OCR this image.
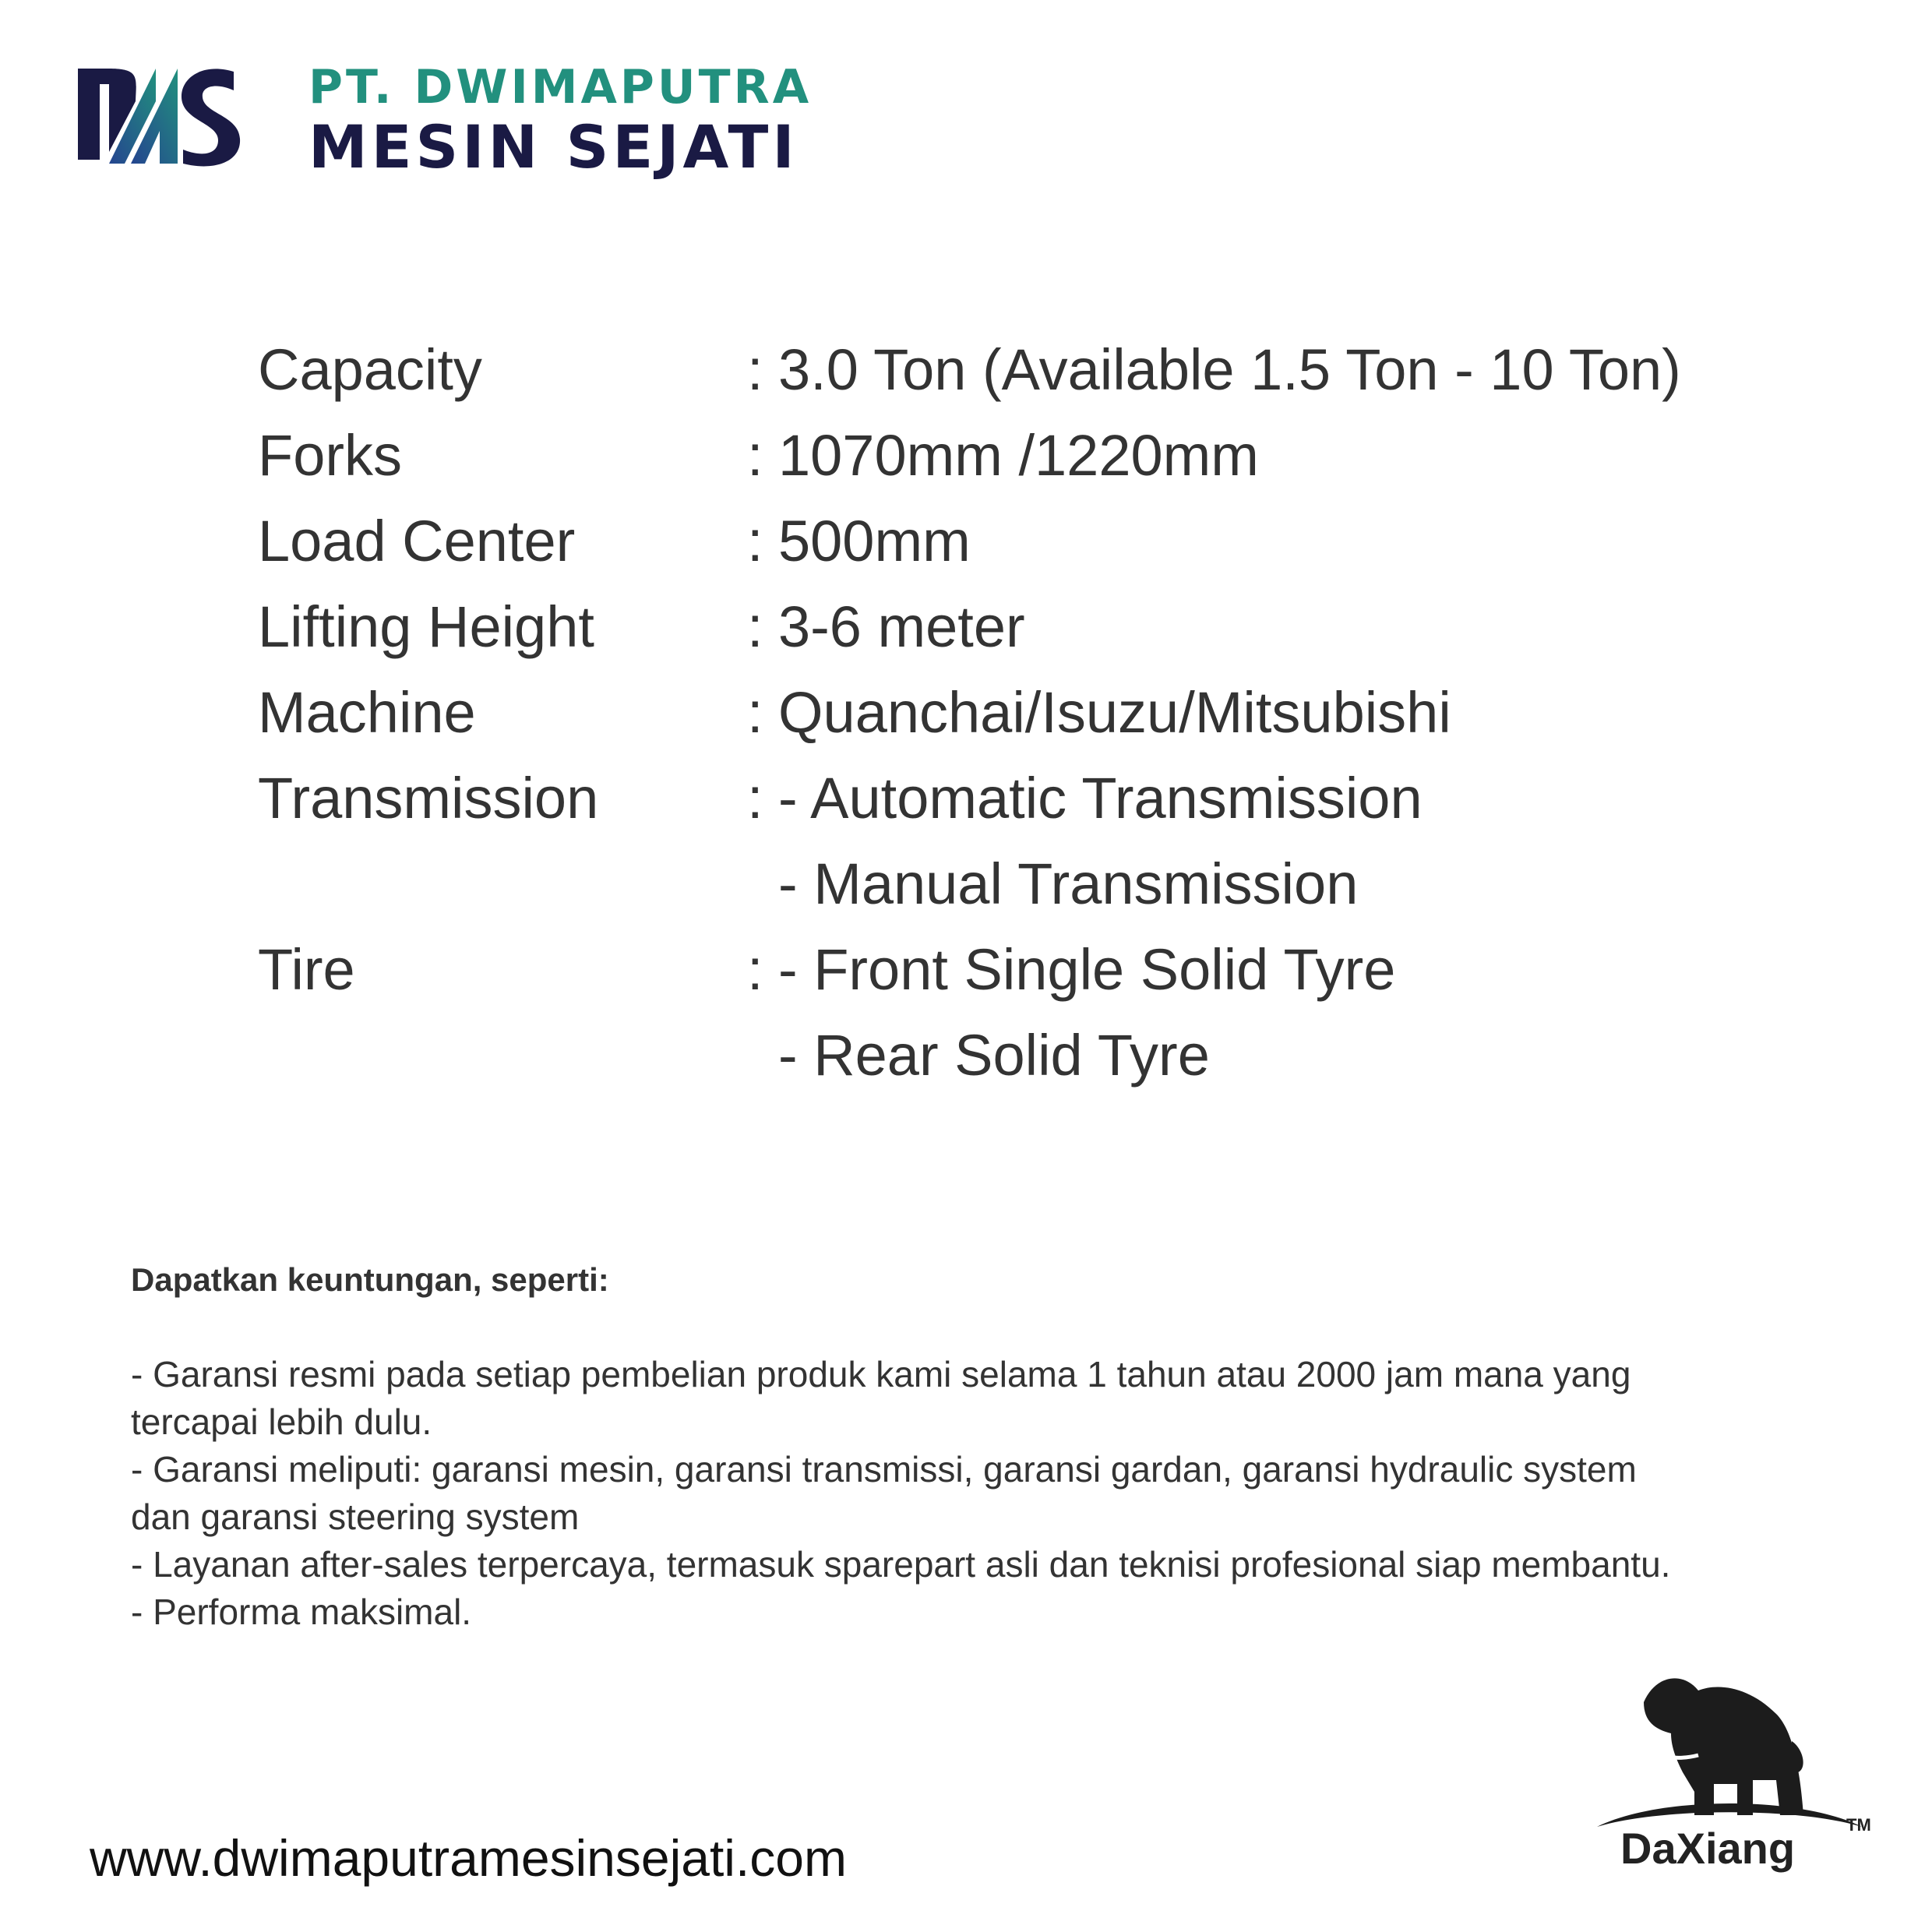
PT. DWIMAPUTRA
MESIN SEJATI
Capacity	: 3.0 Ton (Available 1.5 Ton - 10 Ton)
Forks	: 1070mm /1220mm
Load Center	: 500mm
Lifting Height	: 3-6 meter
Machine	: Quanchai/Isuzu/Mitsubishi
Transmission	: - Automatic Transmission
- Manual Transmission
Tire	: - Front Single Solid Tyre
- Rear Solid Tyre
Dapatkan keuntungan, seperti:
- Garansi resmi pada setiap pembelian produk kami selama 1 tahun atau 2000 jam mana yang
tercapai lebih dulu.
- Garansi meliputi: garansi mesin, garansi transmissi, garansi gardan, garansi hydraulic system
dan garansi steering system
- Layanan after-sales terpercaya, termasuk sparepart asli dan teknisi profesional siap membantu.
- Performa maksimal.
www.dwimaputramesinsejati.com	DaXiang	TM
